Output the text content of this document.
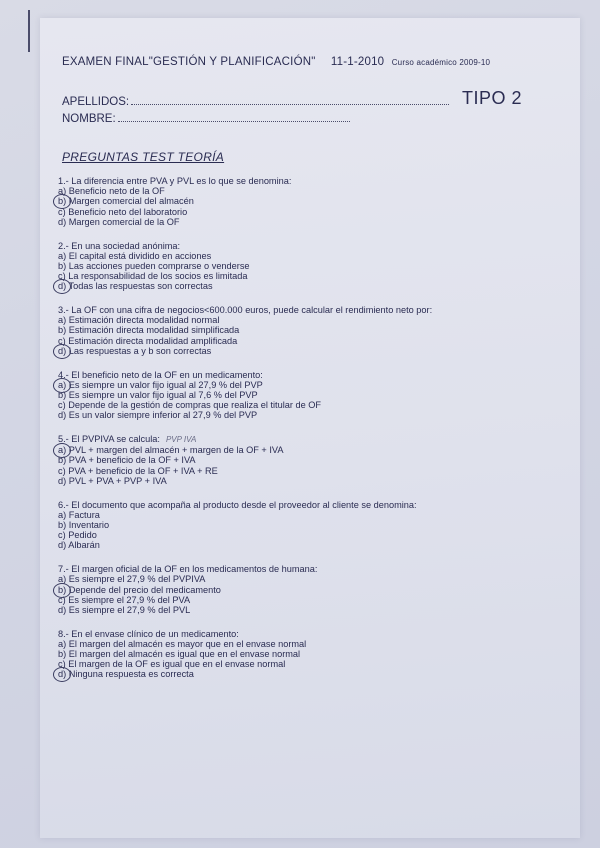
EXAMEN FINAL"GESTIÓN Y PLANIFICACIÓN" 11-1-2010 Curso académico 2009-10
APELLIDOS:	TIPO 2
NOMBRE:
PREGUNTAS TEST TEORÍA
1.- La diferencia entre PVA y PVL es lo que se denomina:
a) Beneficio neto de la OF
b) Margen comercial del almacén
c) Beneficio neto del laboratorio
d) Margen comercial de la OF
2.- En una sociedad anónima:
a) El capital está dividido en acciones
b) Las acciones pueden comprarse o venderse
c) La responsabilidad de los socios es limitada
d) Todas las respuestas son correctas
3.- La OF con una cifra de negocios<600.000 euros, puede calcular el rendimiento neto por:
a) Estimación directa modalidad normal
b) Estimación directa modalidad simplificada
c) Estimación directa modalidad amplificada
d) Las respuestas a y b son correctas
4.- El beneficio neto de la OF en un medicamento:
a) Es siempre un valor fijo igual al 27,9 % del PVP
b) Es siempre un valor fijo igual al 7,6 % del PVP
c) Depende de la gestión de compras que realiza el titular de OF
d) Es un valor siempre inferior al 27,9 % del PVP
5.- El PVPIVA se calcula: PVP IVA
a) PVL + margen del almacén + margen de la OF + IVA
b) PVA + beneficio de la OF + IVA
c) PVA + beneficio de la OF + IVA + RE
d) PVL + PVA + PVP + IVA
6.- El documento que acompaña al producto desde el proveedor al cliente se denomina:
a) Factura
b) Inventario
c) Pedido
d) Albarán
7.- El margen oficial de la OF en los medicamentos de humana:
a) Es siempre el 27,9 % del PVPIVA
b) Depende del precio del medicamento
c) Es siempre el 27,9 % del PVA
d) Es siempre el 27,9 % del PVL
8.- En el envase clínico de un medicamento:
a) El margen del almacén es mayor que en el envase normal
b) El margen del almacén es igual que en el envase normal
c) El margen de la OF es igual que en el envase normal
d) Ninguna respuesta es correcta
